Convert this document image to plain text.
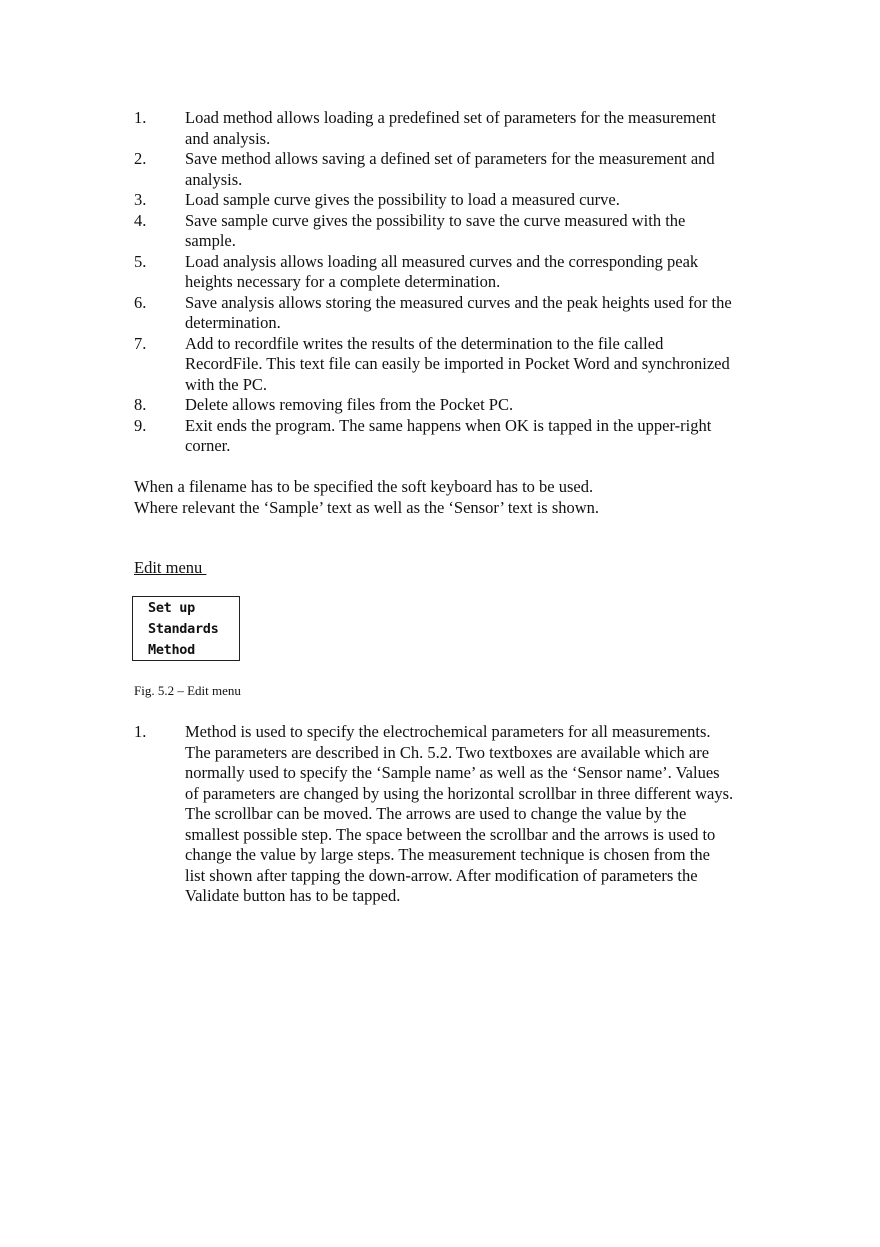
1. Load method allows loading a predefined set of parameters for the measurement and analysis.
2. Save method allows saving a defined set of parameters for the measurement and analysis.
3. Load sample curve gives the possibility to load a measured curve.
4. Save sample curve gives the possibility to save the curve measured with the sample.
5. Load analysis allows loading all measured curves and the corresponding peak heights necessary for a complete determination.
6. Save analysis allows storing the measured curves and the peak heights used for the determination.
7. Add to recordfile writes the results of the determination to the file called RecordFile. This text file can easily be imported in Pocket Word and synchronized with the PC.
8. Delete allows removing files from the Pocket PC.
9. Exit ends the program. The same happens when OK is tapped in the upper-right corner.
When a filename has to be specified the soft keyboard has to be used.
Where relevant the ‘Sample’ text as well as the ‘Sensor’ text is shown.
Edit menu
Set up
Standards
Method
Fig. 5.2 – Edit menu
1. Method is used to specify the electrochemical parameters for all measurements. The parameters are described in Ch. 5.2. Two textboxes are available which are normally used to specify the ‘Sample name’ as well as the ‘Sensor name’. Values of parameters are changed by using the horizontal scrollbar in three different ways. The scrollbar can be moved. The arrows are used to change the value by the smallest possible step. The space between the scrollbar and the arrows is used to change the value by large steps. The measurement technique is chosen from the list shown after tapping the down-arrow. After modification of parameters the Validate button has to be tapped.
